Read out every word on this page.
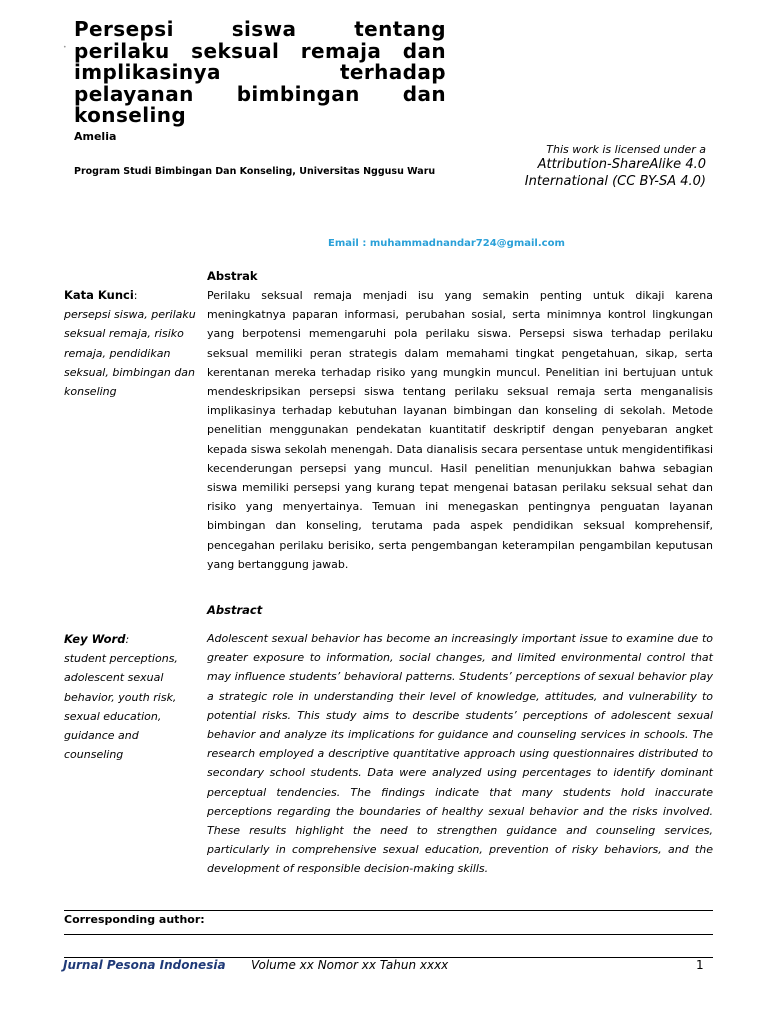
•
Persepsi siswa tentang perilaku seksual remaja dan implikasinya terhadap pelayanan bimbingan dan konseling
Amelia
Program Studi Bimbingan Dan Konseling, Universitas Nggusu Waru
This work is licensed under a
Attribution-ShareAlike 4.0 International (CC BY-SA 4.0)
Email : muhammadnandar724@gmail.com
Abstrak
Kata Kunci:
persepsi siswa, perilaku seksual remaja, risiko remaja, pendidikan seksual, bimbingan dan konseling

Perilaku seksual remaja menjadi isu yang semakin penting untuk dikaji karena meningkatnya paparan informasi, perubahan sosial, serta minimnya kontrol lingkungan yang berpotensi memengaruhi pola perilaku siswa. Persepsi siswa terhadap perilaku seksual memiliki peran strategis dalam memahami tingkat pengetahuan, sikap, serta kerentanan mereka terhadap risiko yang mungkin muncul. Penelitian ini bertujuan untuk mendeskripsikan persepsi siswa tentang perilaku seksual remaja serta menganalisis implikasinya terhadap kebutuhan layanan bimbingan dan konseling di sekolah. Metode penelitian menggunakan pendekatan kuantitatif deskriptif dengan penyebaran angket kepada siswa sekolah menengah. Data dianalisis secara persentase untuk mengidentifikasi kecenderungan persepsi yang muncul. Hasil penelitian menunjukkan bahwa sebagian siswa memiliki persepsi yang kurang tepat mengenai batasan perilaku seksual sehat dan risiko yang menyertainya. Temuan ini menegaskan pentingnya penguatan layanan bimbingan dan konseling, terutama pada aspek pendidikan seksual komprehensif, pencegahan perilaku berisiko, serta pengembangan keterampilan pengambilan keputusan yang bertanggung jawab.

Abstract
Key Word:
student perceptions, adolescent sexual behavior, youth risk, sexual education, guidance and counseling

Adolescent sexual behavior has become an increasingly important issue to examine due to greater exposure to information, social changes, and limited environmental control that may influence students’ behavioral patterns. Students’ perceptions of sexual behavior play a strategic role in understanding their level of knowledge, attitudes, and vulnerability to potential risks. This study aims to describe students’ perceptions of adolescent sexual behavior and analyze its implications for guidance and counseling services in schools. The research employed a descriptive quantitative approach using questionnaires distributed to secondary school students. Data were analyzed using percentages to identify dominant perceptual tendencies. The findings indicate that many students hold inaccurate perceptions regarding the boundaries of healthy sexual behavior and the risks involved. These results highlight the need to strengthen guidance and counseling services, particularly in comprehensive sexual education, prevention of risky behaviors, and the development of responsible decision-making skills.

Corresponding author:
Jurnal Pesona Indonesia Volume xx Nomor xx Tahun xxxx	1
